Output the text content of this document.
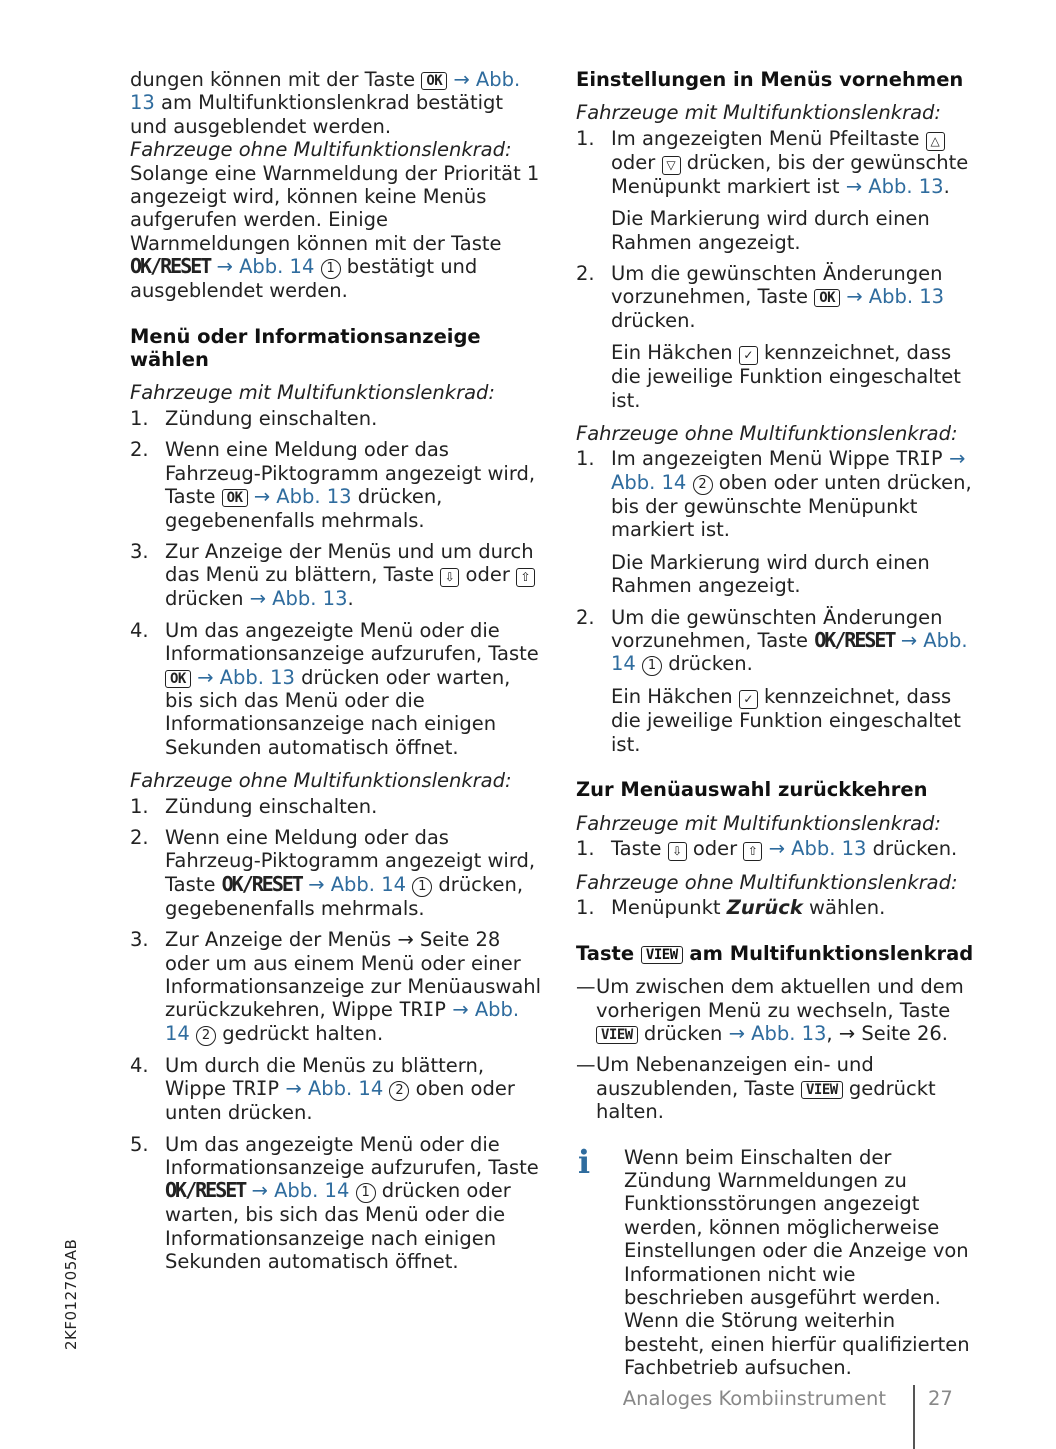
dungen können mit der Taste OK → Abb. 13 am Multifunktionslenkrad bestätigt und ausgeblendet werden.

Fahrzeuge ohne Multifunktionslenkrad: Solange eine Warnmeldung der Priorität 1 angezeigt wird, können keine Menüs aufgerufen werden. Einige Warnmeldungen können mit der Taste OK/RESET → Abb. 14 1 bestätigt und ausgeblendet werden.

Menü oder Informationsanzeige wählen

Fahrzeuge mit Multifunktionslenkrad:

1. Zündung einschalten.
2. Wenn eine Meldung oder das Fahrzeug-Piktogramm angezeigt wird, Taste OK → Abb. 13 drücken, gegebenenfalls mehrmals.
3. Zur Anzeige der Menüs und um durch das Menü zu blättern, Taste ⇩ oder ⇧ drücken → Abb. 13.
4. Um das angezeigte Menü oder die Informationsanzeige aufzurufen, Taste OK → Abb. 13 drücken oder warten, bis sich das Menü oder die Informationsanzeige nach einigen Sekunden automatisch öffnet.

Fahrzeuge ohne Multifunktionslenkrad:

1. Zündung einschalten.
2. Wenn eine Meldung oder das Fahrzeug-Piktogramm angezeigt wird, Taste OK/RESET → Abb. 14 1 drücken, gegebenenfalls mehrmals.
3. Zur Anzeige der Menüs → Seite 28 oder um aus einem Menü oder einer Informationsanzeige zur Menüauswahl zurückzukehren, Wippe TRIP → Abb. 14 2 gedrückt halten.
4. Um durch die Menüs zu blättern, Wippe TRIP → Abb. 14 2 oben oder unten drücken.
5. Um das angezeigte Menü oder die Informationsanzeige aufzurufen, Taste OK/RESET → Abb. 14 1 drücken oder warten, bis sich das Menü oder die Informationsanzeige nach einigen Sekunden automatisch öffnet.
Einstellungen in Menüs vornehmen

Fahrzeuge mit Multifunktionslenkrad:

1. Im angezeigten Menü Pfeiltaste △ oder ▽ drücken, bis der gewünschte Menüpunkt markiert ist → Abb. 13.

Die Markierung wird durch einen Rahmen angezeigt.

2. Um die gewünschten Änderungen vorzunehmen, Taste OK → Abb. 13 drücken.

Ein Häkchen ✓ kennzeichnet, dass die jeweilige Funktion eingeschaltet ist.

Fahrzeuge ohne Multifunktionslenkrad:

1. Im angezeigten Menü Wippe TRIP → Abb. 14 2 oben oder unten drücken, bis der gewünschte Menüpunkt markiert ist.

Die Markierung wird durch einen Rahmen angezeigt.

2. Um die gewünschten Änderungen vorzunehmen, Taste OK/RESET → Abb. 14 1 drücken.

Ein Häkchen ✓ kennzeichnet, dass die jeweilige Funktion eingeschaltet ist.

Zur Menüauswahl zurückkehren

Fahrzeuge mit Multifunktionslenkrad:

1. Taste ⇩ oder ⇧ → Abb. 13 drücken.

Fahrzeuge ohne Multifunktionslenkrad:

1. Menüpunkt Zurück wählen.
Taste VIEW am Multifunktionslenkrad
— Um zwischen dem aktuellen und dem vorherigen Menü zu wechseln, Taste VIEW drücken → Abb. 13, → Seite 26.
— Um Nebenanzeigen ein- und auszublenden, Taste VIEW gedrückt halten.
ℹ Wenn beim Einschalten der Zündung Warnmeldungen zu Funktionsstörungen angezeigt werden, können möglicherweise Einstellungen oder die Anzeige von Informationen nicht wie beschrieben ausgeführt werden. Wenn die Störung weiterhin besteht, einen hierfür qualifizierten Fachbetrieb aufsuchen.

2KF012705AB
Analoges Kombiinstrument 27
